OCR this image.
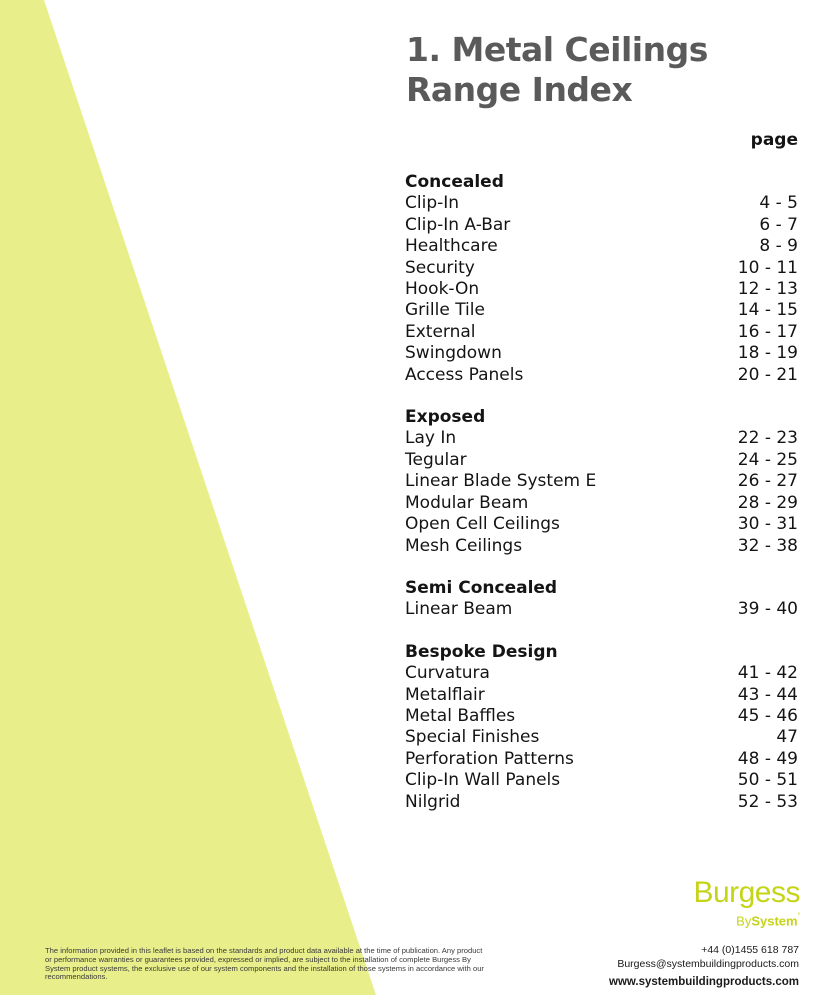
1. Metal Ceilings
Range Index
page
Concealed
Clip-In	4 - 5
Clip-In A-Bar	6 - 7
Healthcare	8 - 9
Security	10 - 11
Hook-On	12 - 13
Grille Tile	14 - 15
External	16 - 17
Swingdown	18 - 19
Access Panels	20 - 21
Exposed
Lay In	22 - 23
Tegular	24 - 25
Linear Blade System E	26 - 27
Modular Beam	28 - 29
Open Cell Ceilings	30 - 31
Mesh Ceilings	32 - 38
Semi Concealed
Linear Beam	39 - 40
Bespoke Design
Curvatura	41 - 42
Metalflair	43 - 44
Metal Baffles	45 - 46
Special Finishes	47
Perforation Patterns	48 - 49
Clip-In Wall Panels	50 - 51
Nilgrid	52 - 53
The information provided in this leaflet is based on the standards and product data available at the time of publication. Any product or performance warranties or guarantees provided, expressed or implied, are subject to the installation of complete Burgess By System product systems, the exclusive use of our system components and the installation of those systems in accordance with our recommendations.
Burgess
BySystem’
+44 (0)1455 618 787
Burgess@systembuildingproducts.com
www.systembuildingproducts.com
